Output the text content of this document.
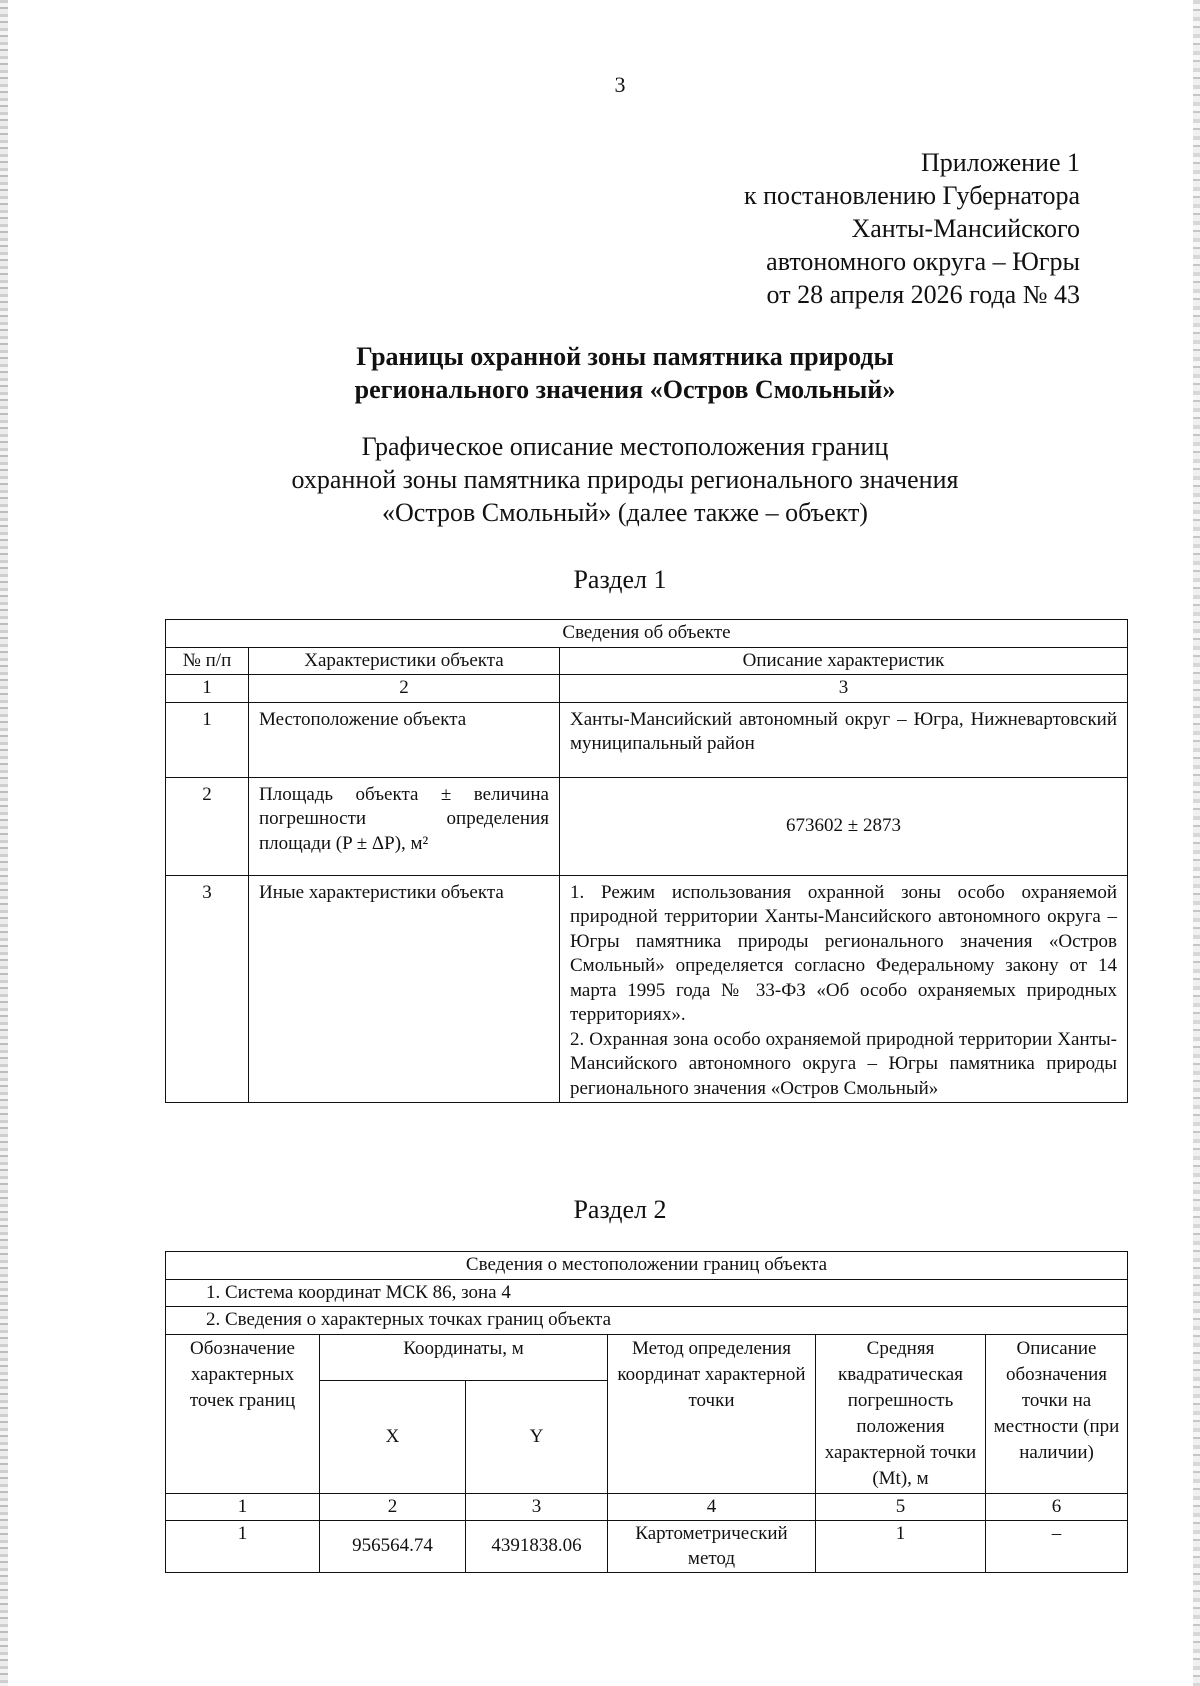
3
Приложение 1
к постановлению Губернатора
Ханты-Мансийского
автономного округа – Югры
от 28 апреля 2026 года № 43
Границы охранной зоны памятника природы
регионального значения «Остров Смольный»
Графическое описание местоположения границ
охранной зоны памятника природы регионального значения
«Остров Смольный» (далее также – объект)
Раздел 1
Сведения об объекте		
№ п/п	Характеристики объекта	Описание характеристик
1	2	3
1	Местоположение объекта	Ханты-Мансийский автономный округ – Югра, Нижневартовский муниципальный район
2	Площадь объекта ± величина погрешности определения площади (P ± ΔP), м²	673602 ± 2873
3	Иные характеристики объекта	1. Режим использования охранной зоны особо охраняемой природной территории Ханты-Мансийского автономного округа – Югры памятника природы регионального значения «Остров Смольный» определяется согласно Федеральному закону от 14 марта 1995 года № 33-ФЗ «Об особо охраняемых природных территориях».
2. Охранная зона особо охраняемой природной территории Ханты-Мансийского автономного округа – Югры памятника природы регионального значения «Остров Смольный»
Раздел 2
Сведения о местоположении границ объекта					
1. Система координат МСК 86, зона 4					
2. Сведения о характерных точках границ объекта					
Обозначение характерных точек границ	Координаты, м		Метод определения координат характерной точки	Средняя квадратическая погрешность положения характерной точки (Mt), м	Описание обозначения точки на местности (при наличии)
	X	Y			
1	2	3	4	5	6
1	956564.74	4391838.06	Картометрический метод	1	–
